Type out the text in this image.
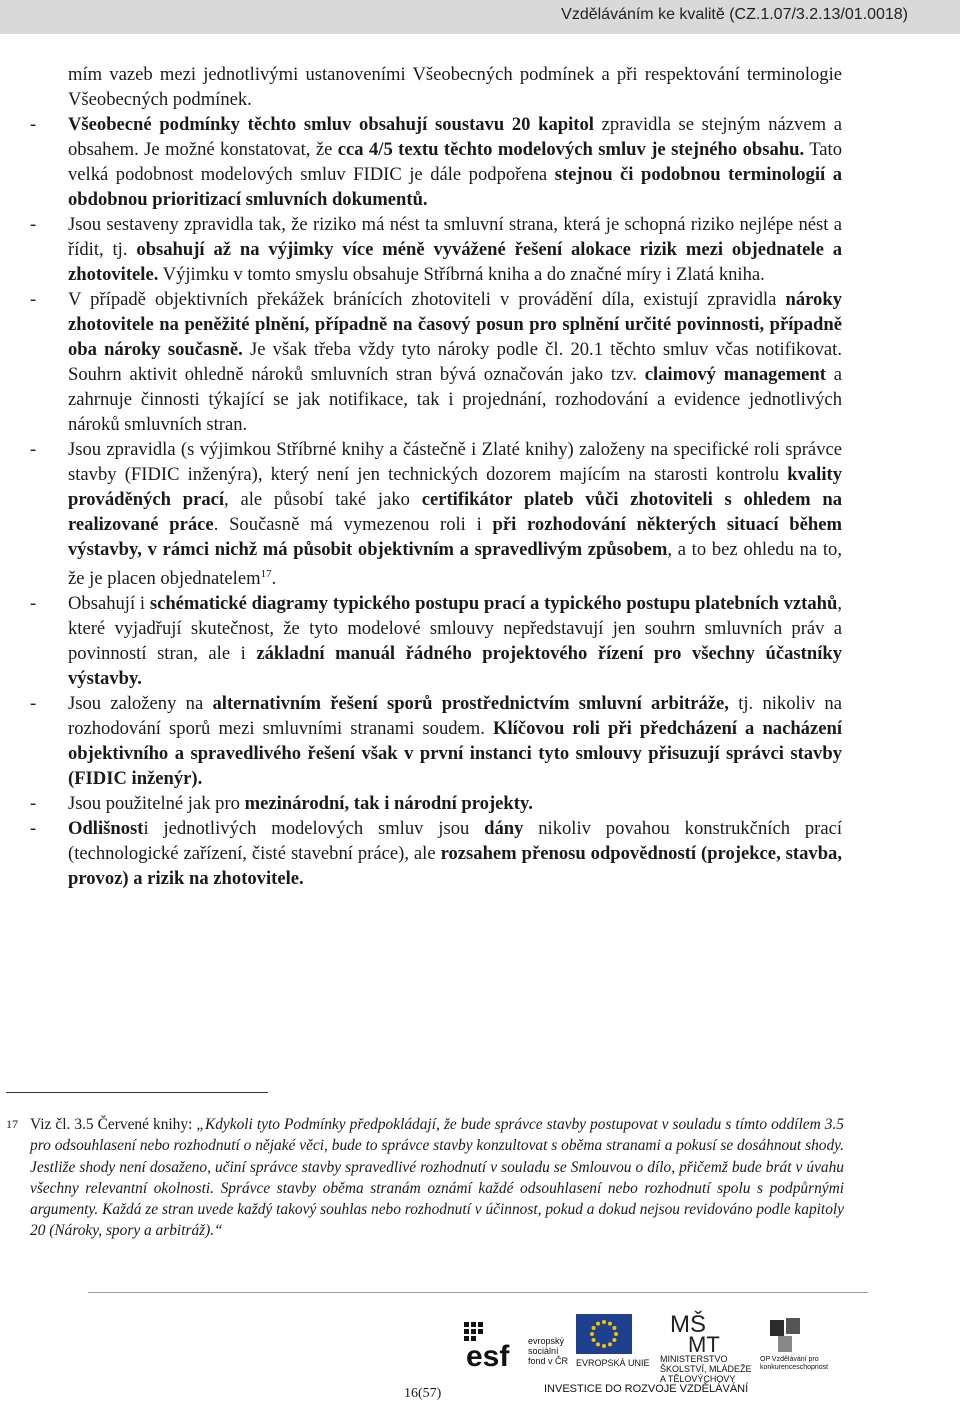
Vzděláváním ke kvalitě (CZ.1.07/3.2.13/01.0018)
mím vazeb mezi jednotlivými ustanoveními Všeobecných podmínek a při respektování terminologie Všeobecných podmínek.
- Všeobecné podmínky těchto smluv obsahují soustavu 20 kapitol zpravidla se stejným názvem a obsahem. Je možné konstatovat, že cca 4/5 textu těchto modelových smluv je stejného obsahu. Tato velká podobnost modelových smluv FIDIC je dále podpořena stejnou či podobnou terminologií a obdobnou prioritizací smluvních dokumentů.
- Jsou sestaveny zpravidla tak, že riziko má nést ta smluvní strana, která je schopná riziko nejlépe nést a řídit, tj. obsahují až na výjimky více méně vyvážené řešení alokace rizik mezi objednatele a zhotovitele. Výjimku v tomto smyslu obsahuje Stříbrná kniha a do značné míry i Zlatá kniha.
- V případě objektivních překážek bránících zhotoviteli v provádění díla, existují zpravidla nároky zhotovitele na peněžité plnění, případně na časový posun pro splnění určité povinnosti, případně oba nároky současně. Je však třeba vždy tyto nároky podle čl. 20.1 těchto smluv včas notifikovat. Souhrn aktivit ohledně nároků smluvních stran bývá označován jako tzv. claimový management a zahrnuje činnosti týkající se jak notifikace, tak i projednání, rozhodování a evidence jednotlivých nároků smluvních stran.
- Jsou zpravidla (s výjimkou Stříbrné knihy a částečně i Zlaté knihy) založeny na specifické roli správce stavby (FIDIC inženýra), který není jen technických dozorem majícím na starosti kontrolu kvality prováděných prací, ale působí také jako certifikátor plateb vůči zhotoviteli s ohledem na realizované práce. Současně má vymezenou roli i při rozhodování některých situací během výstavby, v rámci nichž má působit objektivním a spravedlivým způsobem, a to bez ohledu na to, že je placen objednatelem$^{17}$.
- Obsahují i schématické diagramy typického postupu prací a typického postupu platebních vztahů, které vyjadřují skutečnost, že tyto modelové smlouvy nepředstavují jen souhrn smluvních práv a povinností stran, ale i základní manuál řádného projektového řízení pro všechny účastníky výstavby.
- Jsou založeny na alternativním řešení sporů prostřednictvím smluvní arbitráže, tj. nikoliv na rozhodování sporů mezi smluvními stranami soudem. Klíčovou roli při předcházení a nacházení objektivního a spravedlivého řešení však v první instanci tyto smlouvy přisuzují správci stavby (FIDIC inženýr).
- Jsou použitelné jak pro mezinárodní, tak i národní projekty.
- Odlišnosti jednotlivých modelových smluv jsou dány nikoliv povahou konstrukčních prací (technologické zařízení, čisté stavební práce), ale rozsahem přenosu odpovědností (projekce, stavba, provoz) a rizik na zhotovitele.
17 Viz čl. 3.5 Červené knihy: „Kdykoli tyto Podmínky předpokládají, že bude správce stavby postupovat v souladu s tímto oddílem 3.5 pro odsouhlasení nebo rozhodnutí o nějaké věci, bude to správce stavby konzultovat s oběma stranami a pokusí se dosáhnout shody. Jestliže shody není dosaženo, učiní správce stavby spravedlivé rozhodnutí v souladu se Smlouvou o dílo, přičemž bude brát v úvahu všechny relevantní okolnosti. Správce stavby oběma stranám oznámí každé odsouhlasení nebo rozhodnutí spolu s podpůrnými argumenty. Každá ze stran uvede každý takový souhlas nebo rozhodnutí v účinnost, pokud a dokud nejsou revidováno podle kapitoly 20 (Nároky, spory a arbitráž).“
esf evropský sociální fond v ČR EVROPSKÁ UNIE
MŠ
MT
MINISTERSTVO ŠKOLSTVÍ, MLÁDEŽE A TĚLOVÝCHOVY
OP Vzdělávání pro konkurenceschopnost
INVESTICE DO ROZVOJE VZDĚLÁVÁNÍ
16(57)
